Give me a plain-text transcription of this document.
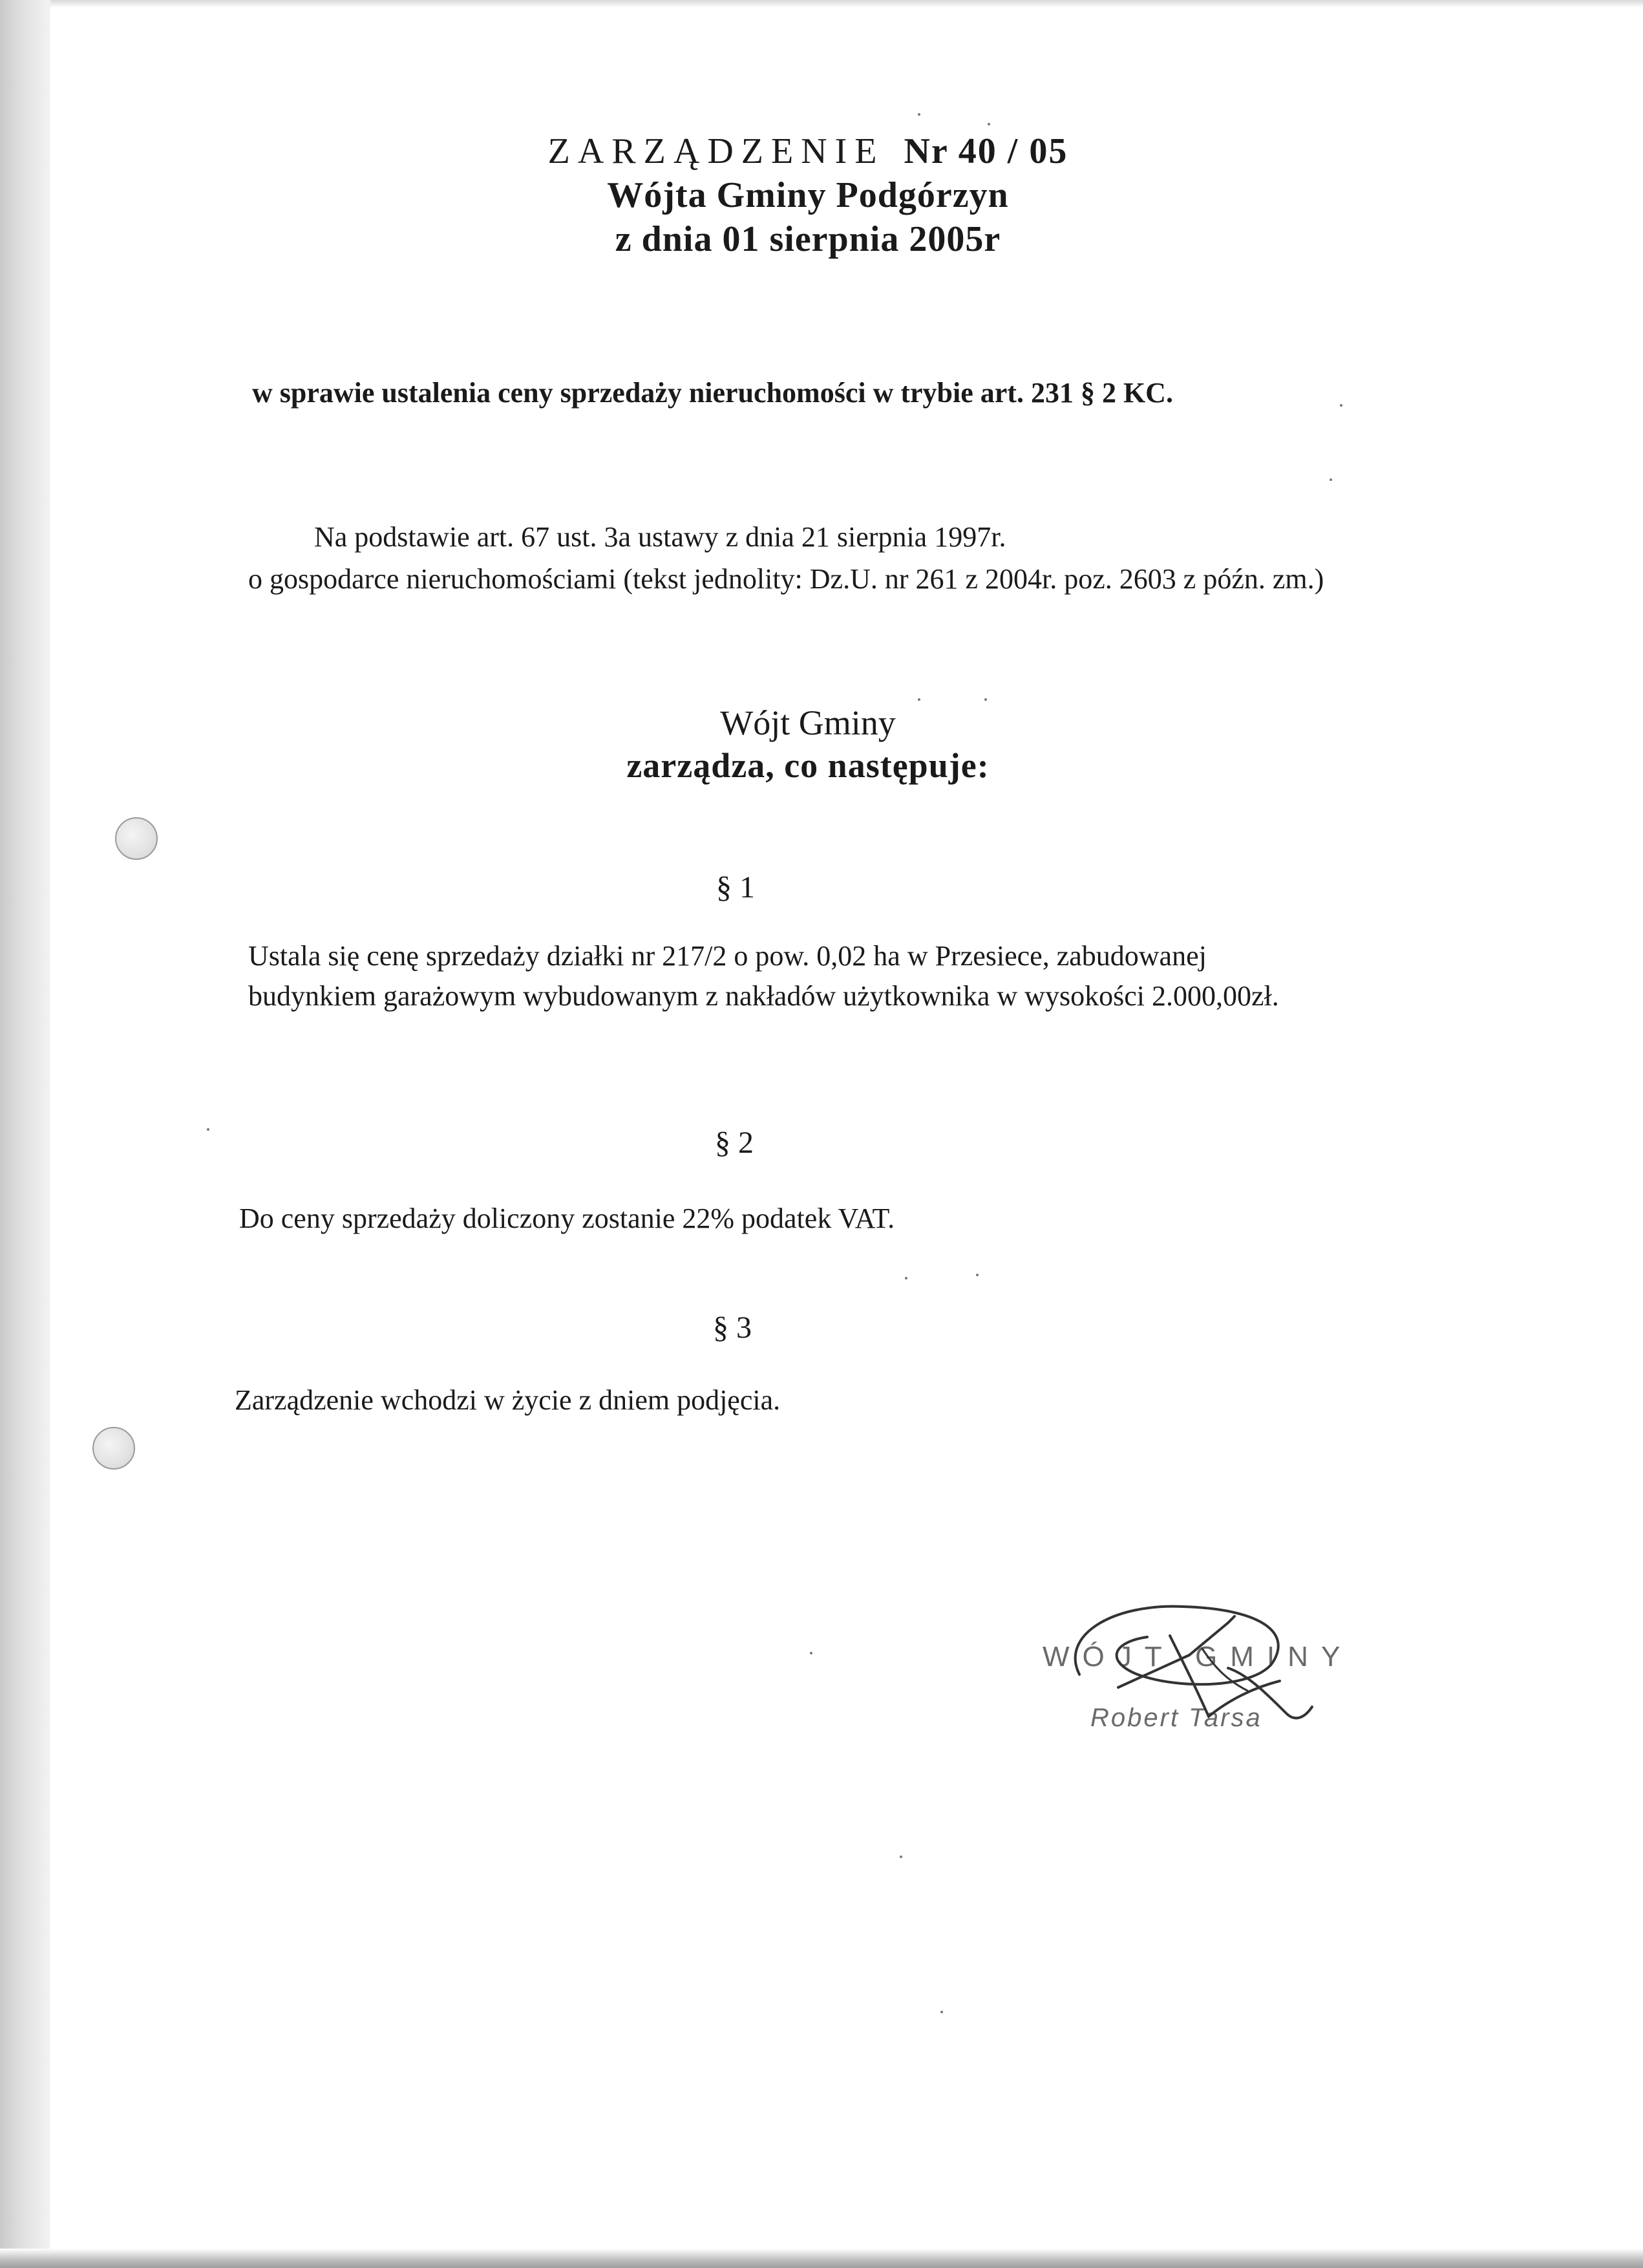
ZARZĄDZENIE Nr 40 / 05
Wójta Gminy Podgórzyn
z dnia 01 sierpnia 2005r
w sprawie ustalenia ceny sprzedaży nieruchomości w trybie art. 231 § 2 KC.
Na podstawie art. 67 ust. 3a ustawy z dnia 21 sierpnia 1997r.
o gospodarce nieruchomościami (tekst jednolity: Dz.U. nr 261 z 2004r. poz. 2603 z późn. zm.)
Wójt Gminy
zarządza, co następuje:
§ 1
Ustala się cenę sprzedaży działki nr 217/2 o pow. 0,02 ha w Przesiece, zabudowanej
budynkiem garażowym wybudowanym z nakładów użytkownika w wysokości 2.000,00zł.
§ 2
Do ceny sprzedaży doliczony zostanie 22% podatek VAT.
§ 3
Zarządzenie wchodzi w życie z dniem podjęcia.
WÓJT GMINY
Robert Tarsa
